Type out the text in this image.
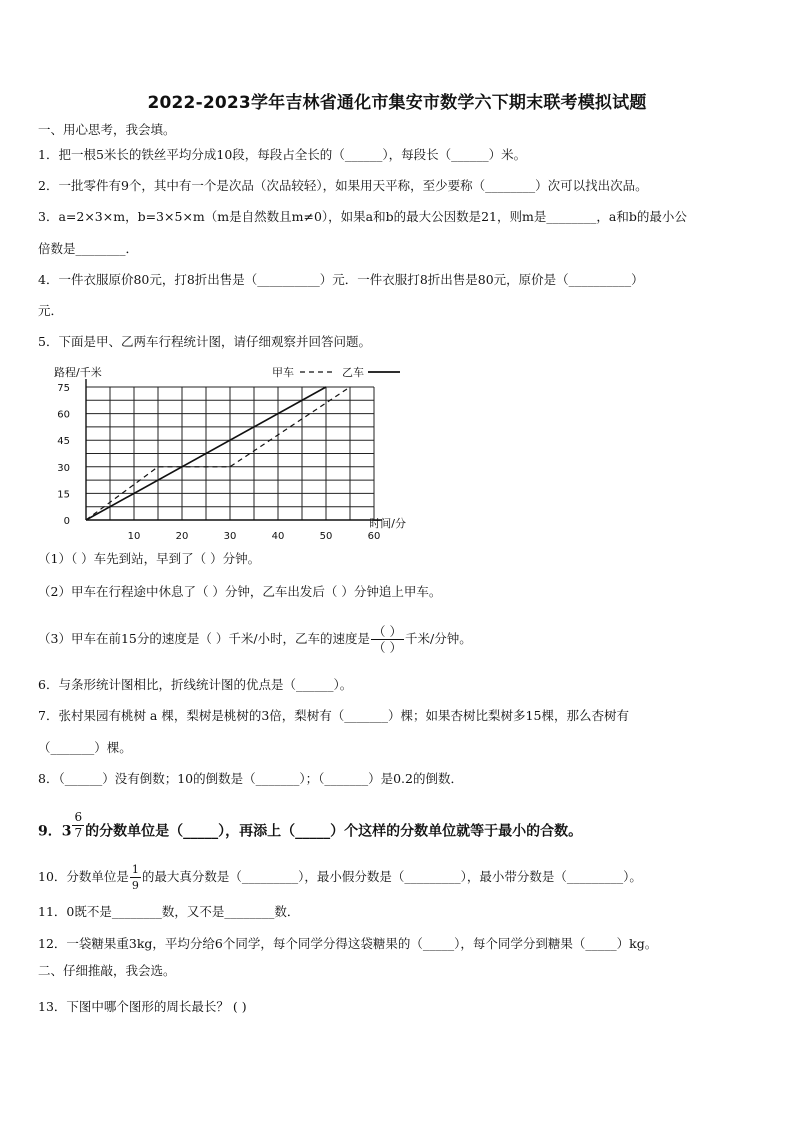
2022-2023学年吉林省通化市集安市数学六下期末联考模拟试题
一、用心思考，我会填。
1．把一根5米长的铁丝平均分成10段，每段占全长的（______），每段长（______）米。
2．一批零件有9个，其中有一个是次品（次品较轻），如果用天平称，至少要称（________）次可以找出次品。
3．a=2×3×m，b=3×5×m（m是自然数且m≠0），如果a和b的最大公因数是21，则m是________，a和b的最小公
倍数是________．
4．一件衣服原价80元，打8折出售是（__________）元．一件衣服打8折出售是80元，原价是（__________）
元．
5．下面是甲、乙两车行程统计图，请仔细观察并回答问题。
0
15
30
45
60
75
10	20	30	40	50	60
路程/千米
时间/分
甲车	乙车
（1）（ ）车先到站，早到了（ ）分钟。
（2）甲车在行程途中休息了（ ）分钟，乙车出发后（ ）分钟追上甲车。
（3）甲车在前15分的速度是（ ）千米/小时，乙车的速度是 $\frac{( )}{( )}$ 千米/分钟。
6．与条形统计图相比，折线统计图的优点是（______）。
7．张村果园有桃树 a 棵，梨树是桃树的3倍，梨树有（_______）棵；如果杏树比梨树多15棵，那么杏树有
（_______）棵。
8．（______）没有倒数；10的倒数是（_______）；（_______）是0.2的倒数．
9．$3 \frac{6}{7}$ 的分数单位是（_____），再添上（_____）个这样的分数单位就等于最小的合数。
10．分数单位是 $\frac{1}{9}$ 的最大真分数是（_________），最小假分数是（_________），最小带分数是（_________）。
11．0既不是________数，又不是________数．
12．一袋糖果重3kg，平均分给6个同学，每个同学分得这袋糖果的（_____），每个同学分到糖果（_____）kg。
二、仔细推敲，我会选。
13．下图中哪个图形的周长最长？ ( )
